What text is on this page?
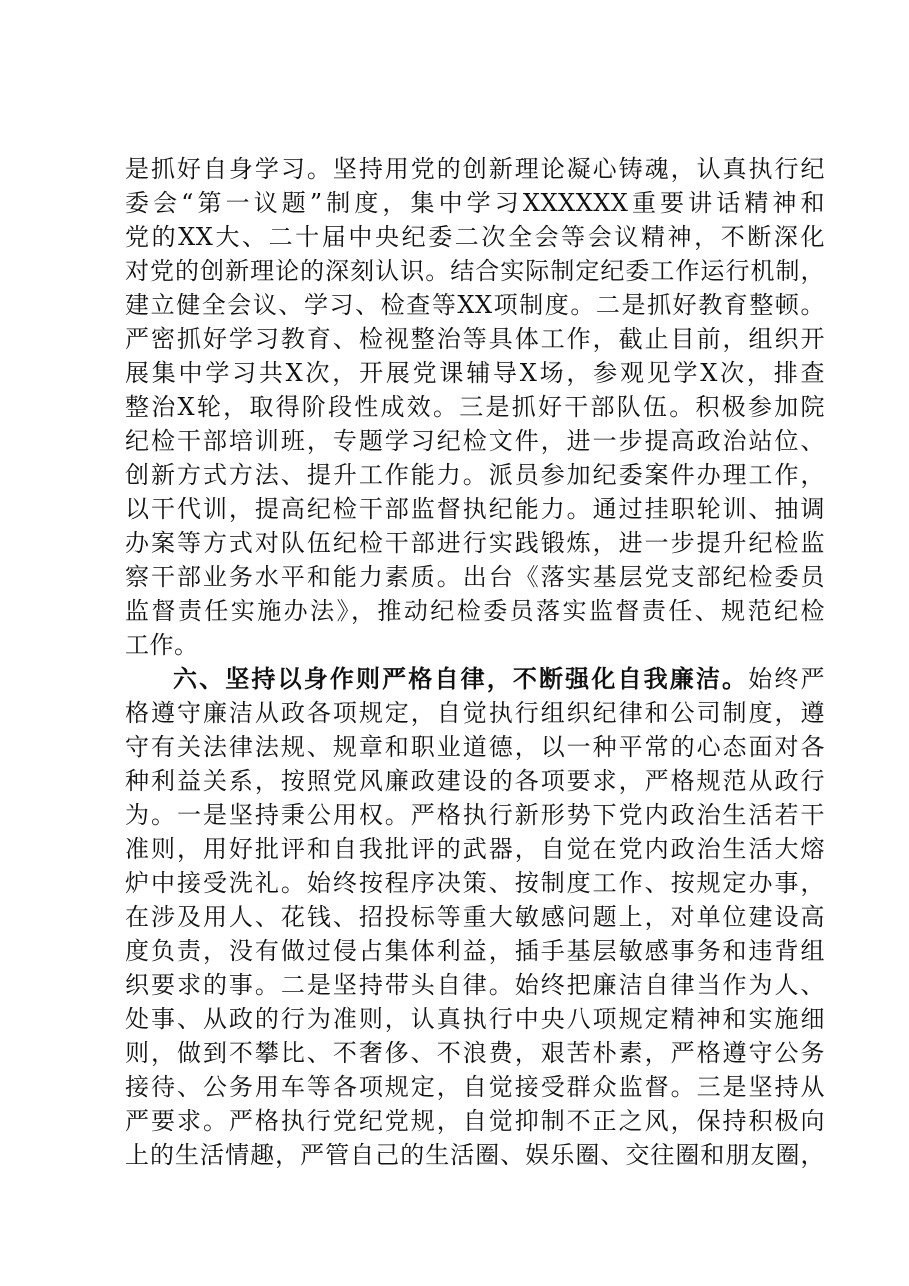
是抓好自身学习。坚持用党的创新理论凝心铸魂，认真执行纪
委会“第一议题”制度，集中学习XXXXXX重要讲话精神和
党的XX大、二十届中央纪委二次全会等会议精神，不断深化
对党的创新理论的深刻认识。结合实际制定纪委工作运行机制，
建立健全会议、学习、检查等XX项制度。二是抓好教育整顿。
严密抓好学习教育、检视整治等具体工作，截止目前，组织开
展集中学习共X次，开展党课辅导X场，参观见学X次，排查
整治X轮，取得阶段性成效。三是抓好干部队伍。积极参加院
纪检干部培训班，专题学习纪检文件，进一步提高政治站位、
创新方式方法、提升工作能力。派员参加纪委案件办理工作，
以干代训，提高纪检干部监督执纪能力。通过挂职轮训、抽调
办案等方式对队伍纪检干部进行实践锻炼，进一步提升纪检监
察干部业务水平和能力素质。出台《落实基层党支部纪检委员
监督责任实施办法》，推动纪检委员落实监督责任、规范纪检
工作。
六、坚持以身作则严格自律，不断强化自我廉洁。始终严
格遵守廉洁从政各项规定，自觉执行组织纪律和公司制度，遵
守有关法律法规、规章和职业道德，以一种平常的心态面对各
种利益关系，按照党风廉政建设的各项要求，严格规范从政行
为。一是坚持秉公用权。严格执行新形势下党内政治生活若干
准则，用好批评和自我批评的武器，自觉在党内政治生活大熔
炉中接受洗礼。始终按程序决策、按制度工作、按规定办事，
在涉及用人、花钱、招投标等重大敏感问题上，对单位建设高
度负责，没有做过侵占集体利益，插手基层敏感事务和违背组
织要求的事。二是坚持带头自律。始终把廉洁自律当作为人、
处事、从政的行为准则，认真执行中央八项规定精神和实施细
则，做到不攀比、不奢侈、不浪费，艰苦朴素，严格遵守公务
接待、公务用车等各项规定，自觉接受群众监督。三是坚持从
严要求。严格执行党纪党规，自觉抑制不正之风，保持积极向
上的生活情趣，严管自己的生活圈、娱乐圈、交往圈和朋友圈，
